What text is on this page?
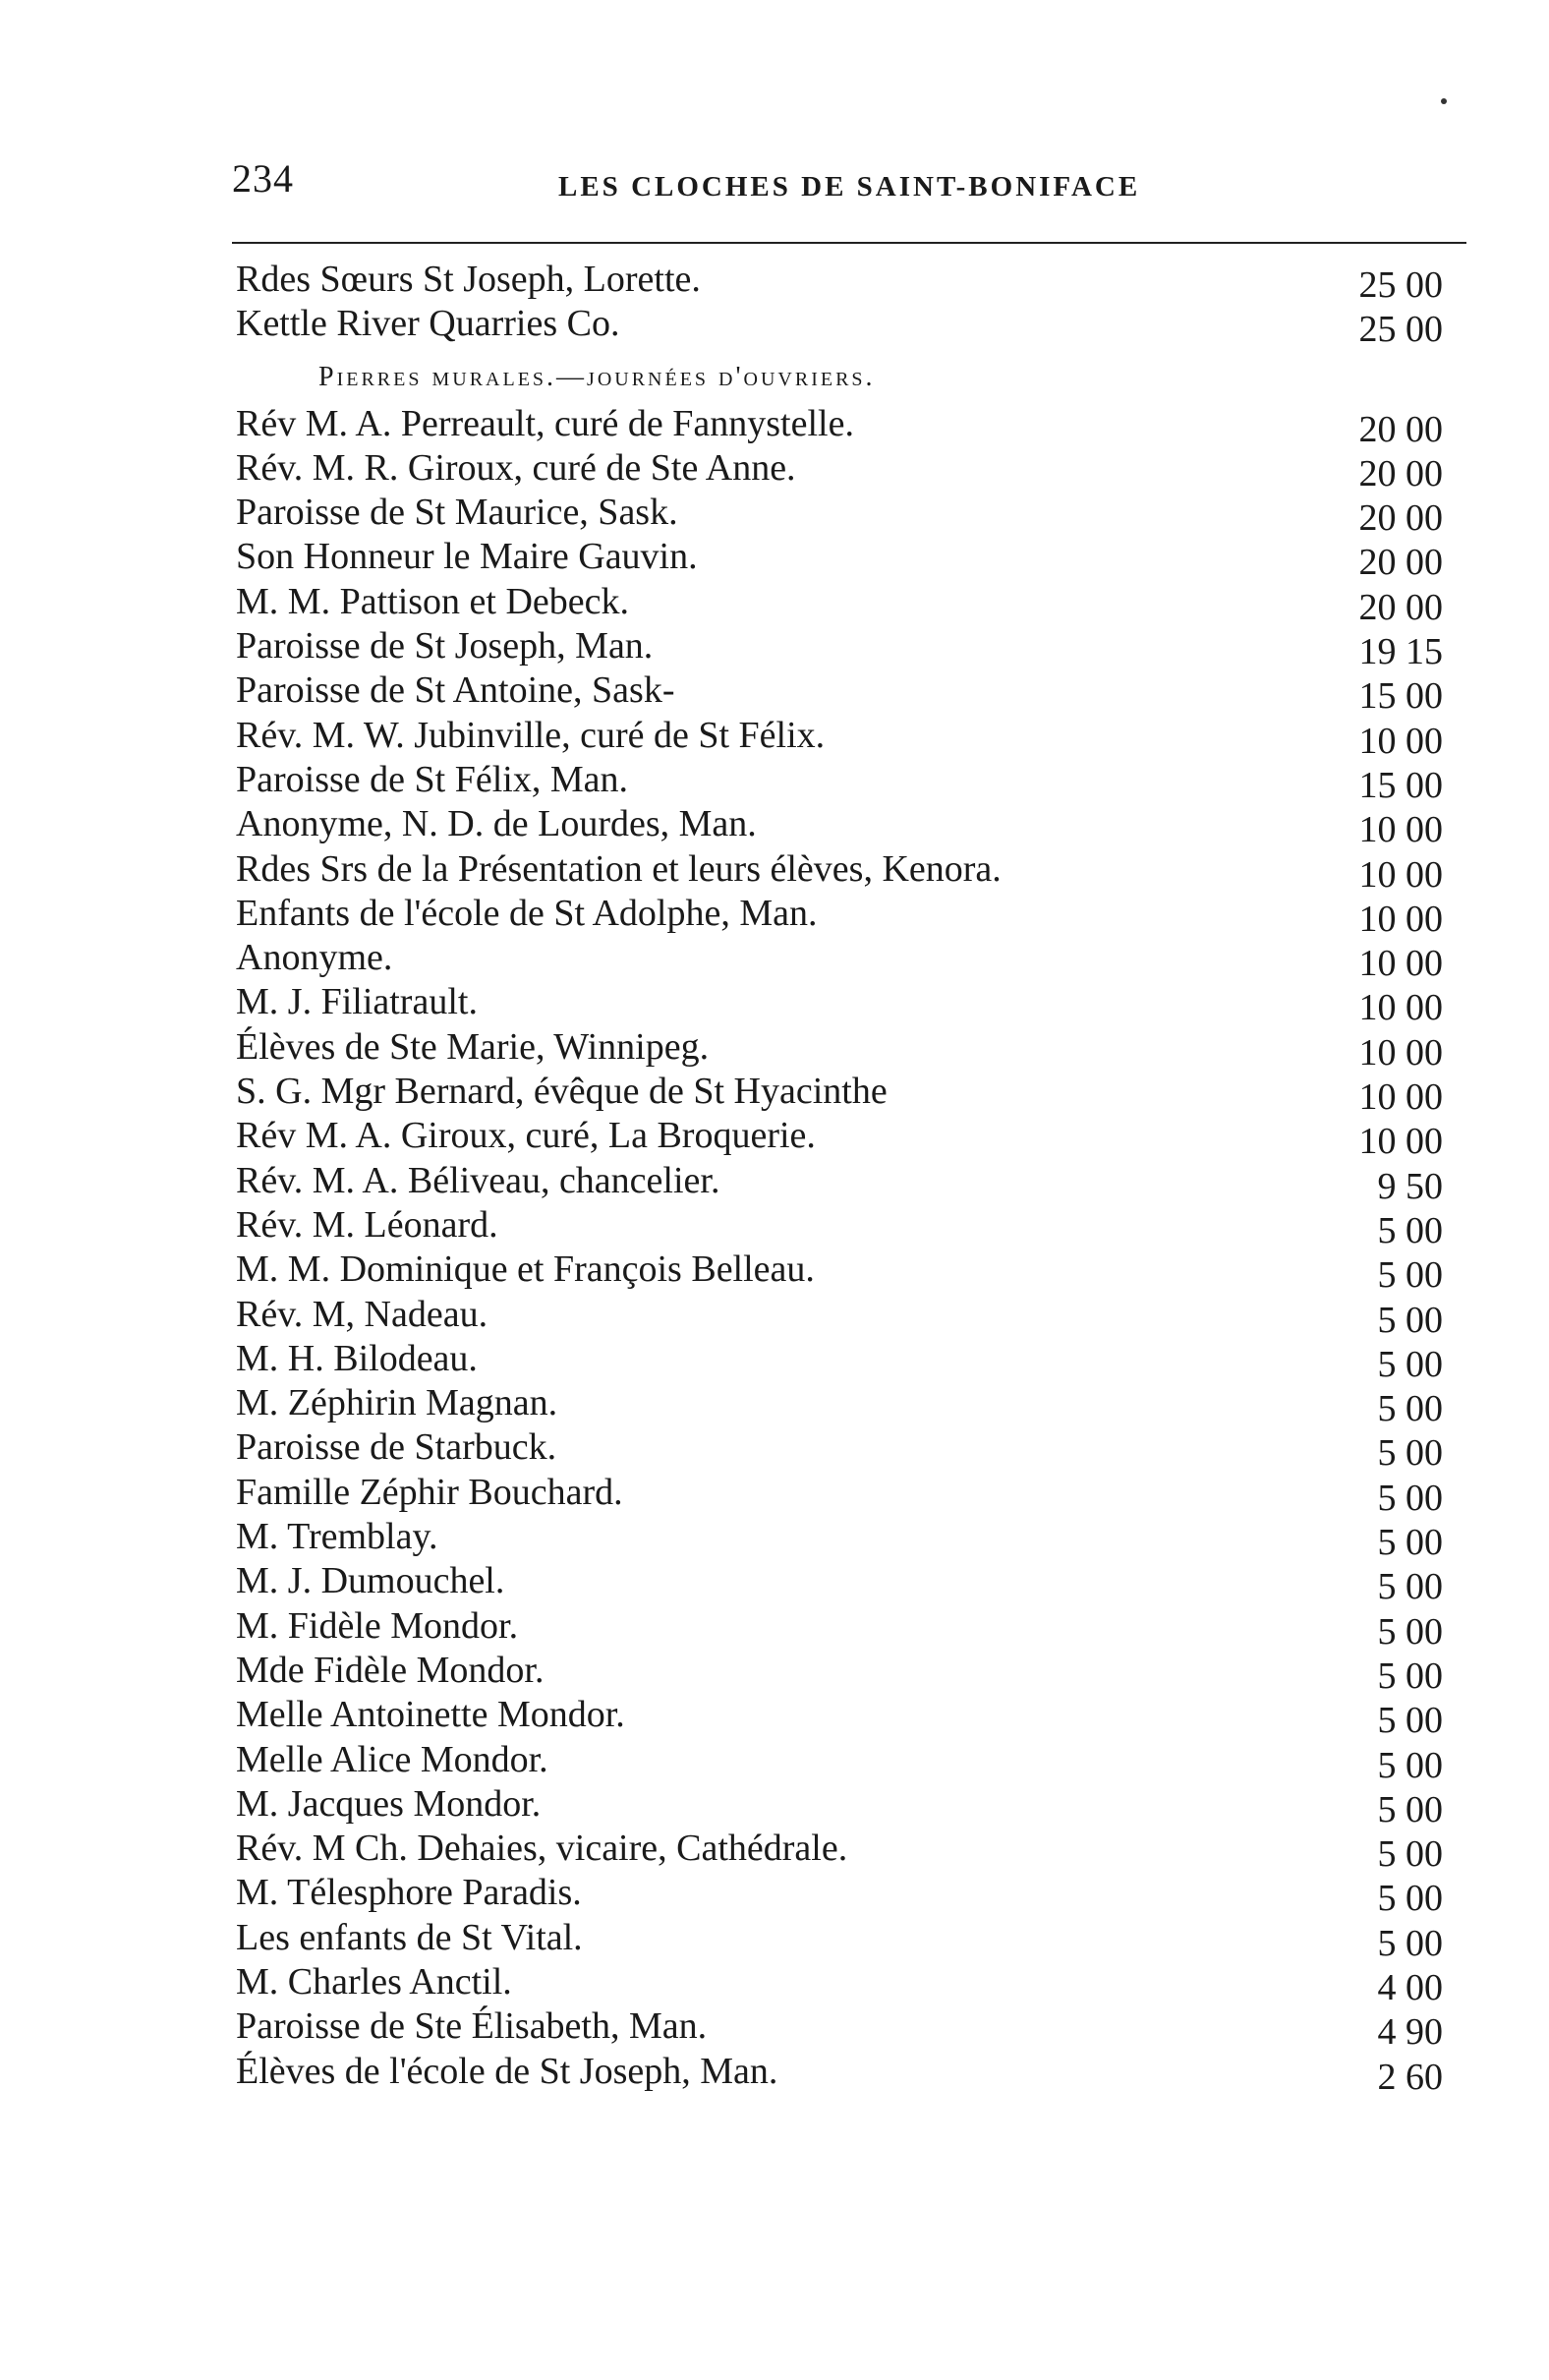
234	LES CLOCHES DE SAINT-BONIFACE
Rdes Sœurs St Joseph, Lorette.	25 00
Kettle River Quarries Co.	25 00
Pierres murales.—journées d'ouvriers.
Rév M. A. Perreault, curé de Fannystelle.	20 00
Rév. M. R. Giroux, curé de Ste Anne.	20 00
Paroisse de St Maurice, Sask.	20 00
Son Honneur le Maire Gauvin.	20 00
M. M. Pattison et Debeck.	20 00
Paroisse de St Joseph, Man.	19 15
Paroisse de St Antoine, Sask-	15 00
Rév. M. W. Jubinville, curé de St Félix.	10 00
Paroisse de St Félix, Man.	15 00
Anonyme, N. D. de Lourdes, Man.	10 00
Rdes Srs de la Présentation et leurs élèves, Kenora.	10 00
Enfants de l'école de St Adolphe, Man.	10 00
Anonyme.	10 00
M. J. Filiatrault.	10 00
Élèves de Ste Marie, Winnipeg.	10 00
S. G. Mgr Bernard, évêque de St Hyacinthe	10 00
Rév M. A. Giroux, curé, La Broquerie.	10 00
Rév. M. A. Béliveau, chancelier.	9 50
Rév. M. Léonard.	5 00
M. M. Dominique et François Belleau.	5 00
Rév. M, Nadeau.	5 00
M. H. Bilodeau.	5 00
M. Zéphirin Magnan.	5 00
Paroisse de Starbuck.	5 00
Famille Zéphir Bouchard.	5 00
M. Tremblay.	5 00
M. J. Dumouchel.	5 00
M. Fidèle Mondor.	5 00
Mde Fidèle Mondor.	5 00
Melle Antoinette Mondor.	5 00
Melle Alice Mondor.	5 00
M. Jacques Mondor.	5 00
Rév. M Ch. Dehaies, vicaire, Cathédrale.	5 00
M. Télesphore Paradis.	5 00
Les enfants de St Vital.	5 00
M. Charles Anctil.	4 00
Paroisse de Ste Élisabeth, Man.	4 90
Élèves de l'école de St Joseph, Man.	2 60
